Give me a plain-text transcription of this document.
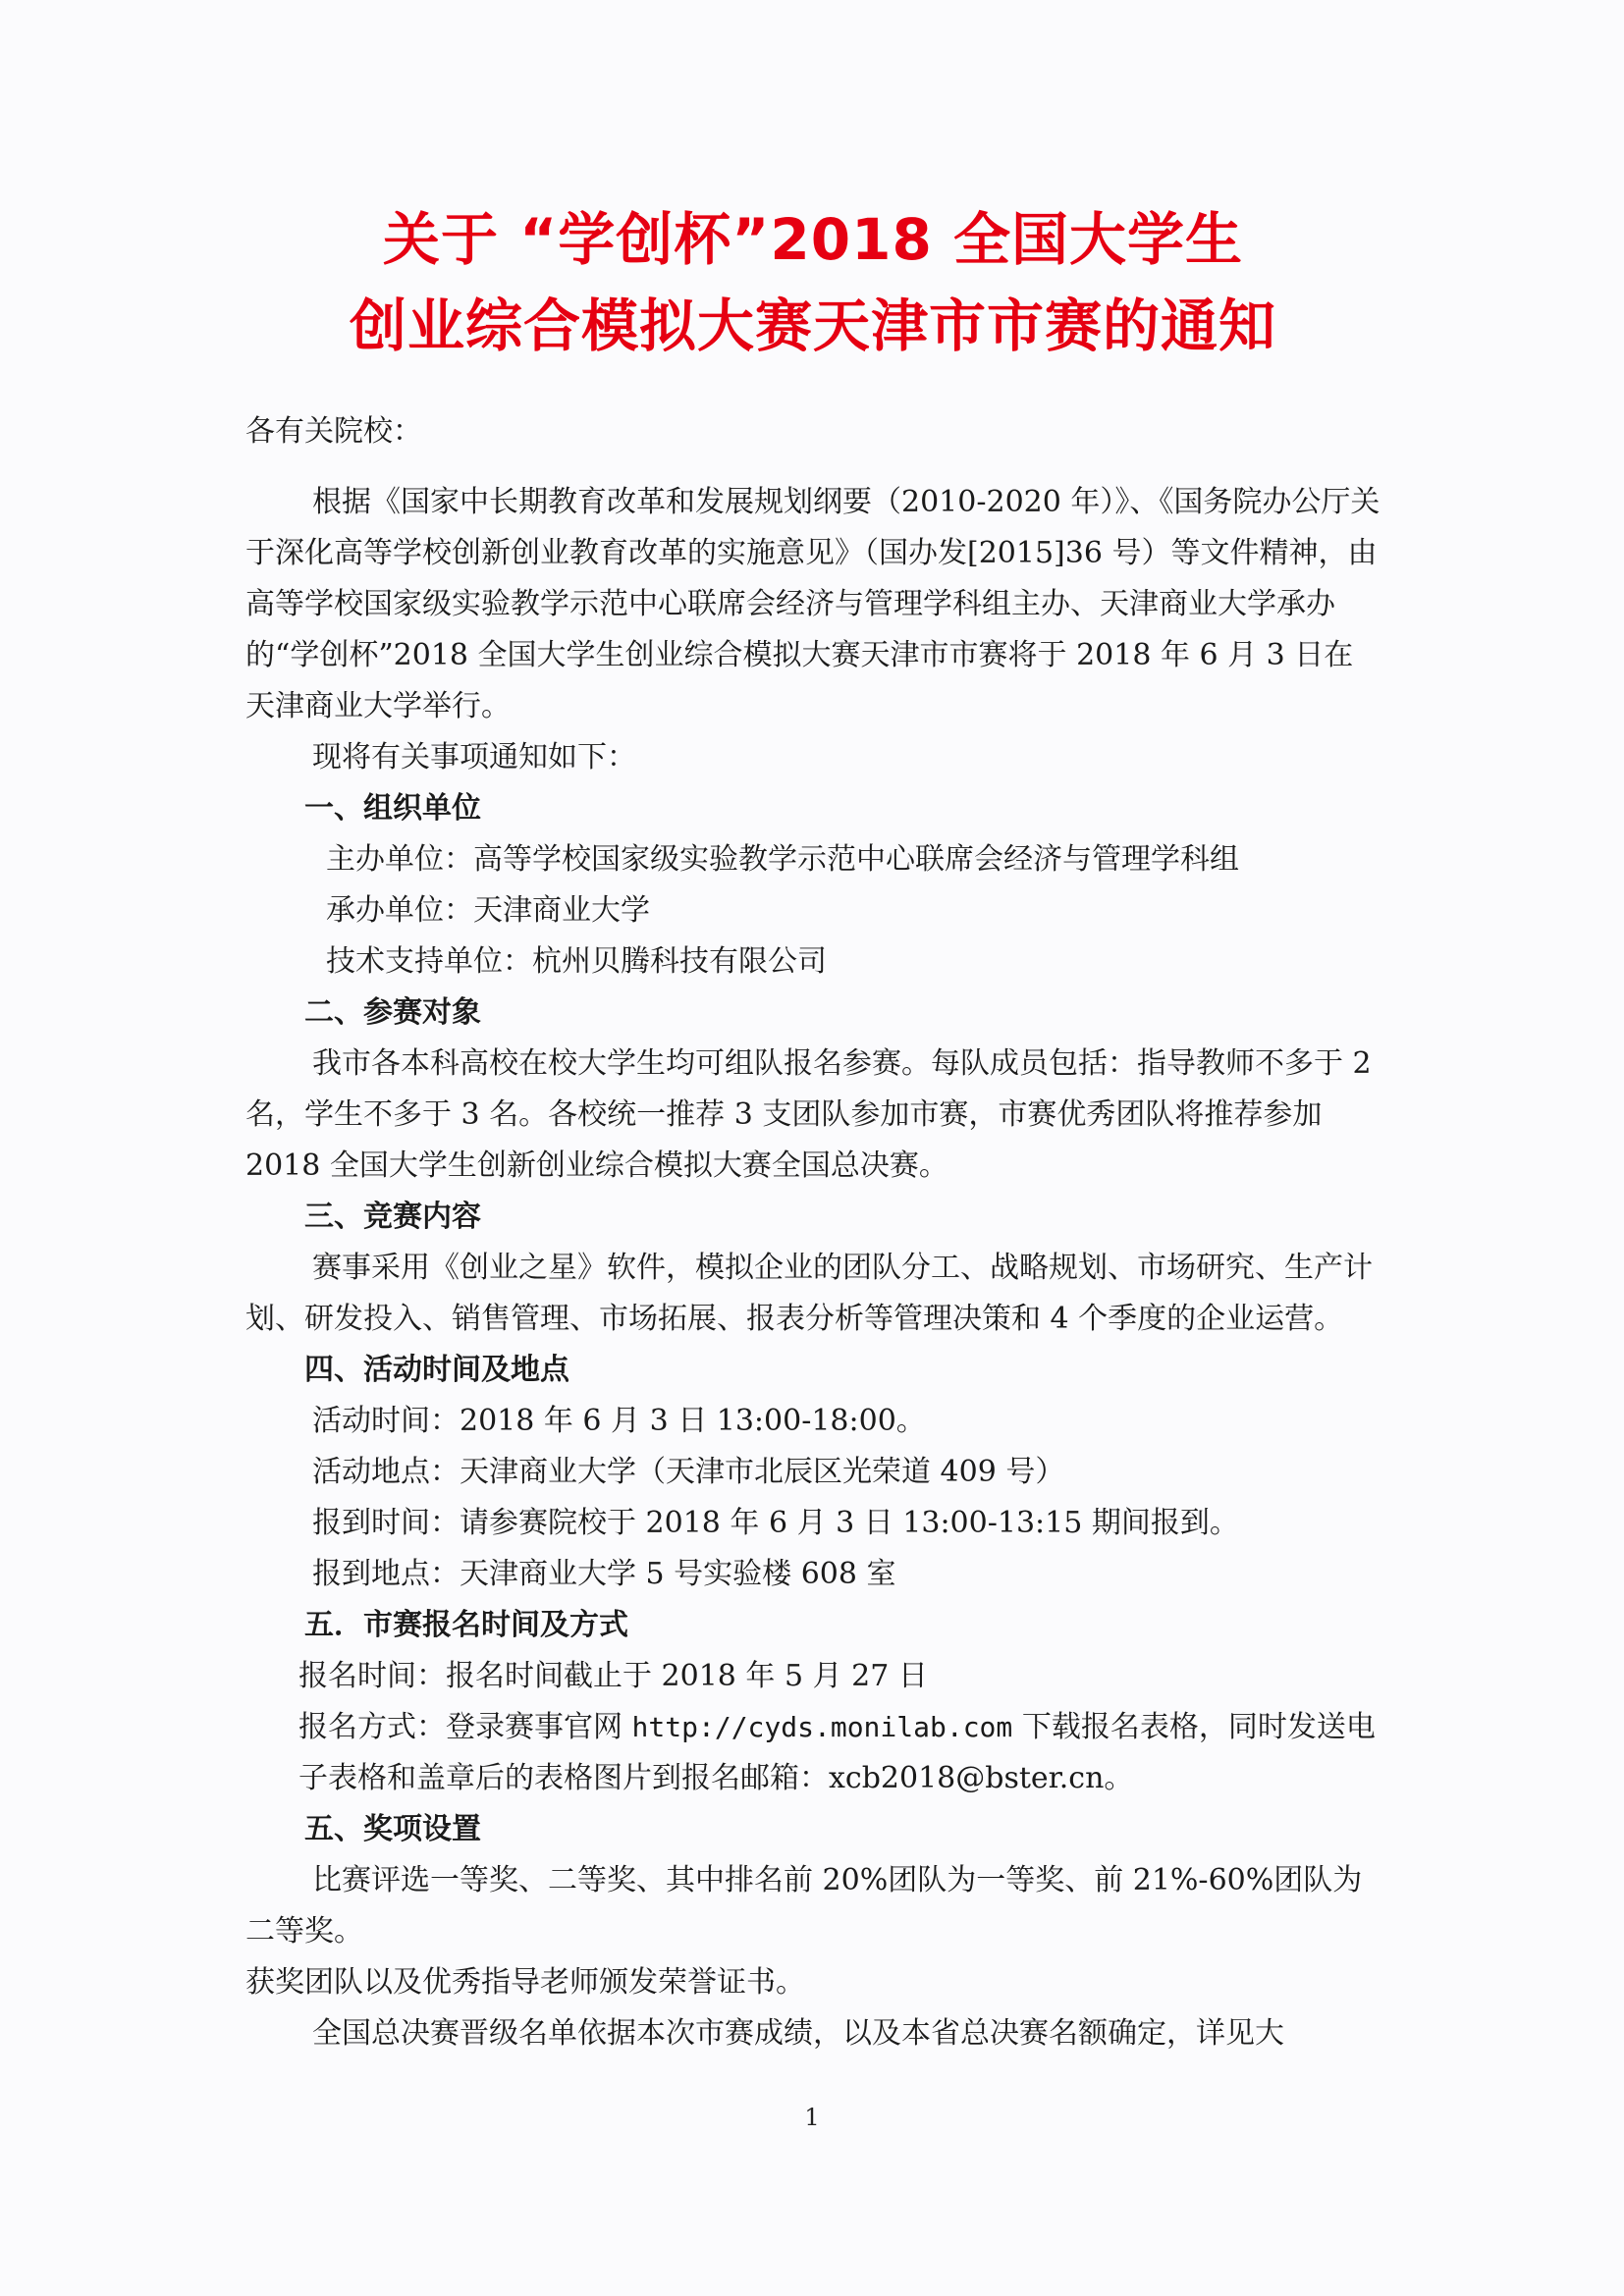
关于 “学创杯”2018 全国大学生
创业综合模拟大赛天津市市赛的通知

各有关院校：

根据《国家中长期教育改革和发展规划纲要（2010-2020 年）》、《国务院办公厅关于深化高等学校创新创业教育改革的实施意见》（国办发[2015]36 号）等文件精神，由高等学校国家级实验教学示范中心联席会经济与管理学科组主办、天津商业大学承办的“学创杯”2018 全国大学生创业综合模拟大赛天津市市赛将于 2018 年 6 月 3 日在天津商业大学举行。

现将有关事项通知如下：

一、组织单位

主办单位：高等学校国家级实验教学示范中心联席会经济与管理学科组

承办单位：天津商业大学

技术支持单位：杭州贝腾科技有限公司

二、参赛对象

我市各本科高校在校大学生均可组队报名参赛。每队成员包括：指导教师不多于 2 名，学生不多于 3 名。各校统一推荐 3 支团队参加市赛，市赛优秀团队将推荐参加 2018 全国大学生创新创业综合模拟大赛全国总决赛。

三、竞赛内容

赛事采用《创业之星》软件，模拟企业的团队分工、战略规划、市场研究、生产计划、研发投入、销售管理、市场拓展、报表分析等管理决策和 4 个季度的企业运营。

四、活动时间及地点

活动时间：2018 年 6 月 3 日 13:00-18:00。

活动地点：天津商业大学（天津市北辰区光荣道 409 号）

报到时间：请参赛院校于 2018 年 6 月 3 日 13:00-13:15 期间报到。

报到地点：天津商业大学 5 号实验楼 608 室

五．市赛报名时间及方式

报名时间：报名时间截止于 2018 年 5 月 27 日

报名方式：登录赛事官网 http://cyds.monilab.com 下载报名表格，同时发送电子表格和盖章后的表格图片到报名邮箱：xcb2018@bster.cn。

五、奖项设置

比赛评选一等奖、二等奖、其中排名前 20%团队为一等奖、前 21%-60%团队为二等奖。

获奖团队以及优秀指导老师颁发荣誉证书。

全国总决赛晋级名单依据本次市赛成绩，以及本省总决赛名额确定，详见大

1
